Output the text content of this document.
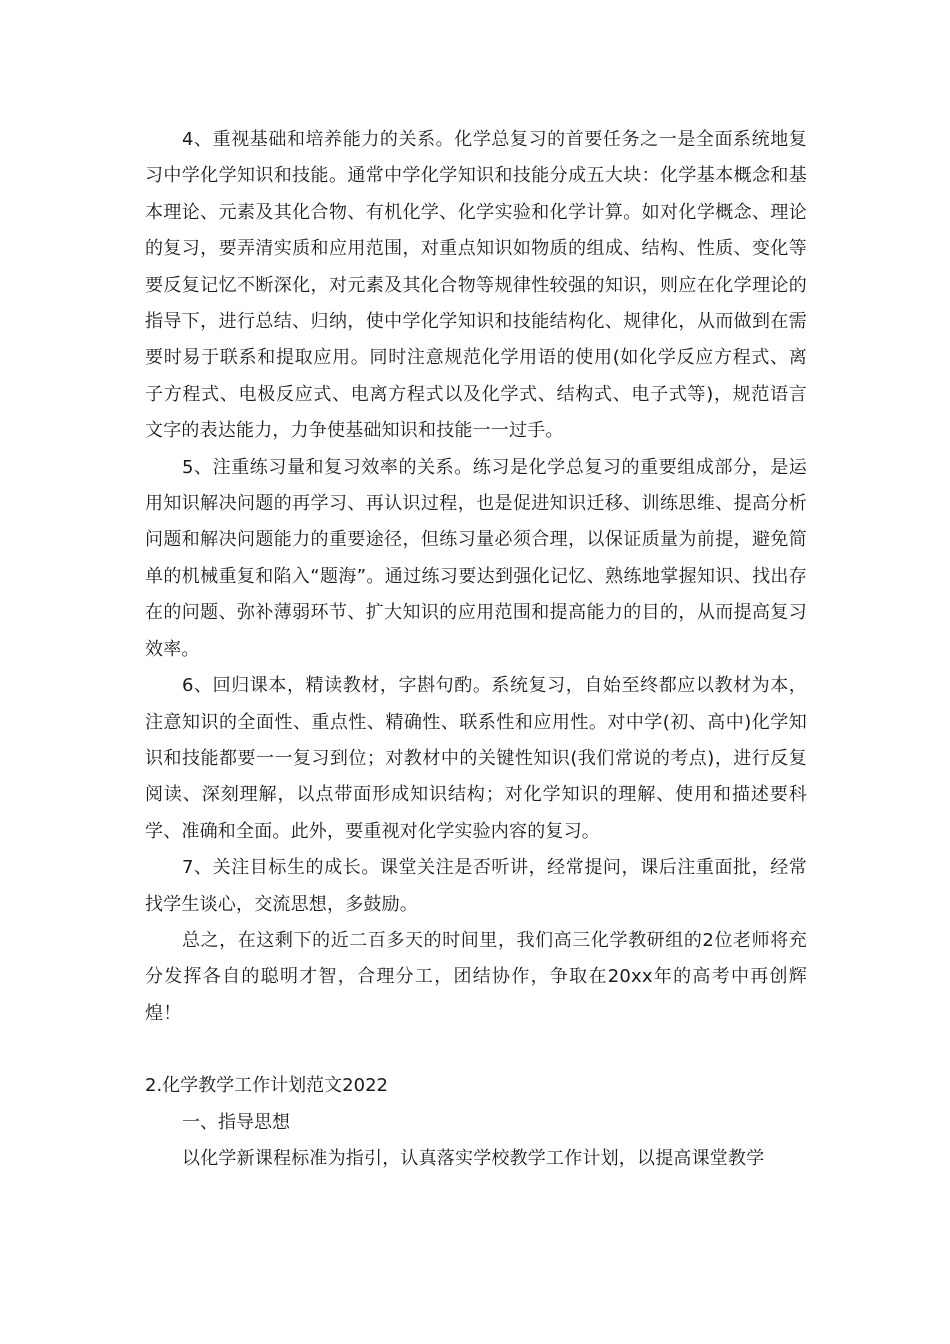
4、重视基础和培养能力的关系。化学总复习的首要任务之一是全面系统地复习中学化学知识和技能。通常中学化学知识和技能分成五大块：化学基本概念和基本理论、元素及其化合物、有机化学、化学实验和化学计算。如对化学概念、理论的复习，要弄清实质和应用范围，对重点知识如物质的组成、结构、性质、变化等要反复记忆不断深化，对元素及其化合物等规律性较强的知识，则应在化学理论的指导下，进行总结、归纳，使中学化学知识和技能结构化、规律化，从而做到在需要时易于联系和提取应用。同时注意规范化学用语的使用(如化学反应方程式、离子方程式、电极反应式、电离方程式以及化学式、结构式、电子式等)，规范语言文字的表达能力，力争使基础知识和技能一一过手。

5、注重练习量和复习效率的关系。练习是化学总复习的重要组成部分，是运用知识解决问题的再学习、再认识过程，也是促进知识迁移、训练思维、提高分析问题和解决问题能力的重要途径，但练习量必须合理，以保证质量为前提，避免简单的机械重复和陷入“题海”。通过练习要达到强化记忆、熟练地掌握知识、找出存在的问题、弥补薄弱环节、扩大知识的应用范围和提高能力的目的，从而提高复习效率。

6、回归课本，精读教材，字斟句酌。系统复习，自始至终都应以教材为本，注意知识的全面性、重点性、精确性、联系性和应用性。对中学(初、高中)化学知识和技能都要一一复习到位；对教材中的关键性知识(我们常说的考点)，进行反复阅读、深刻理解，以点带面形成知识结构；对化学知识的理解、使用和描述要科学、准确和全面。此外，要重视对化学实验内容的复习。

7、关注目标生的成长。课堂关注是否听讲，经常提问，课后注重面批，经常找学生谈心，交流思想，多鼓励。

总之，在这剩下的近二百多天的时间里，我们高三化学教研组的2位老师将充分发挥各自的聪明才智，合理分工，团结协作，争取在20xx年的高考中再创辉煌！

2.化学教学工作计划范文2022

一、指导思想

以化学新课程标准为指引，认真落实学校教学工作计划，以提高课堂教学
